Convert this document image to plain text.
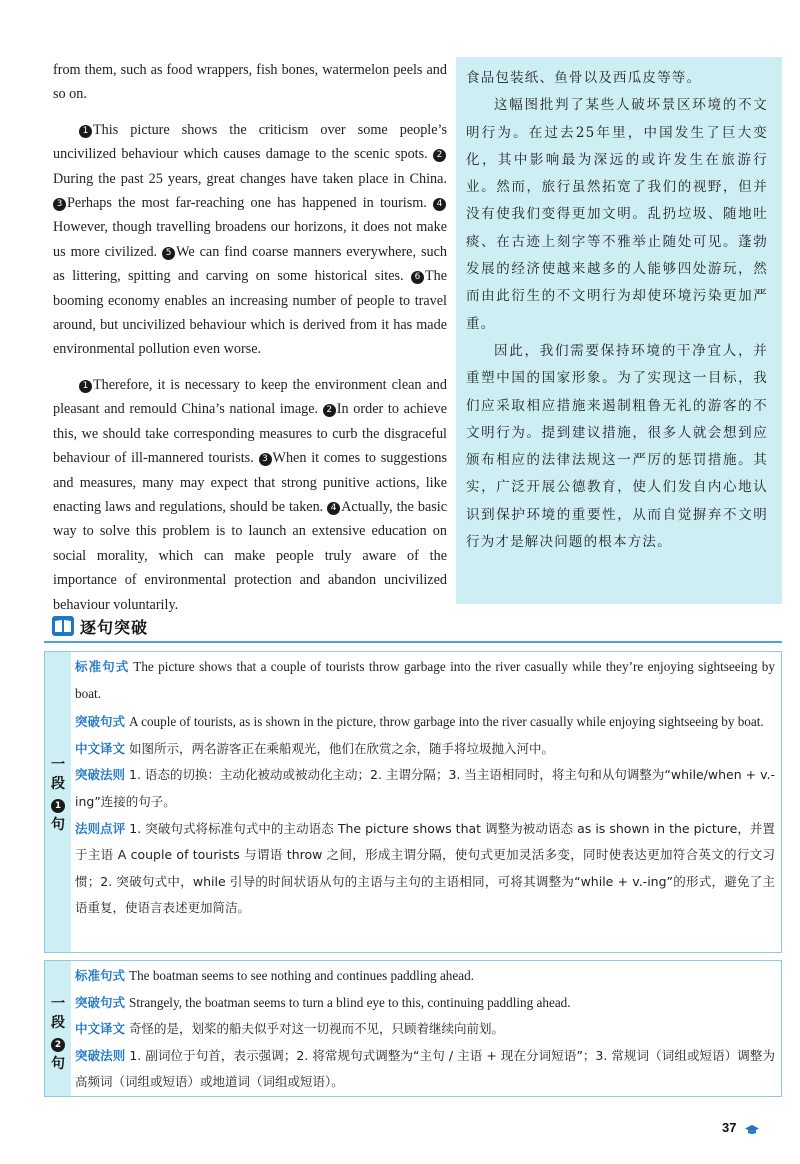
from them, such as food wrappers, fish bones, watermelon peels and so on.

1 This picture shows the criticism over some people’s uncivilized behaviour which causes damage to the scenic spots. 2During the past 25 years, great changes have taken place in China. 3 Perhaps the most far-reaching one has happened in tourism. 4However, though travelling broadens our horizons, it does not make us more civilized. 5 We can find coarse manners everywhere, such as littering, spitting and carving on some historical sites. 6 The booming economy enables an increasing number of people to travel around, but uncivilized behaviour which is derived from it has made environmental pollution even worse.

1 Therefore, it is necessary to keep the environment clean and pleasant and remould China’s national image. 2 In order to achieve this, we should take corresponding measures to curb the disgraceful behaviour of ill-mannered tourists. 3 When it comes to suggestions and measures, many may expect that strong punitive actions, like enacting laws and regulations, should be taken. 4 Actually, the basic way to solve this problem is to launch an extensive education on social morality, which can make people truly aware of the importance of environmental protection and abandon uncivilized behaviour voluntarily.

食品包装纸、鱼骨以及西瓜皮等等。

这幅图批判了某些人破坏景区环境的不文明行为。在过去25年里，中国发生了巨大变化，其中影响最为深远的或许发生在旅游行业。然而，旅行虽然拓宽了我们的视野，但并没有使我们变得更加文明。乱扔垃圾、随地吐痰、在古迹上刻字等不雅举止随处可见。蓬勃发展的经济使越来越多的人能够四处游玩，然而由此衍生的不文明行为却使环境污染更加严重。

因此，我们需要保持环境的干净宜人，并重塑中国的国家形象。为了实现这一目标，我们应采取相应措施来遏制粗鲁无礼的游客的不文明行为。提到建议措施，很多人就会想到应颁布相应的法律法规这一严厉的惩罚措施。其实，广泛开展公德教育，使人们发自内心地认识到保护环境的重要性，从而自觉摒弃不文明行为才是解决问题的根本方法。

逐句突破
一段
1
句
标准句式 The picture shows that a couple of tourists throw garbage into the river casually while they’re enjoying sightseeing by boat.
突破句式 A couple of tourists, as is shown in the picture, throw garbage into the river casually while enjoying sightseeing by boat.
中文译文 如图所示，两名游客正在乘船观光，他们在欣赏之余，随手将垃圾抛入河中。
突破法则 1. 语态的切换：主动化被动或被动化主动；2. 主谓分隔；3. 当主语相同时，将主句和从句调整为“while/when + v.-ing”连接的句子。
法则点评 1. 突破句式将标准句式中的主动语态 The picture shows that 调整为被动语态 as is shown in the picture，并置于主语 A couple of tourists 与谓语 throw 之间，形成主谓分隔，使句式更加灵活多变，同时使表达更加符合英文的行文习惯；2. 突破句式中，while 引导的时间状语从句的主语与主句的主语相同，可将其调整为“while + v.-ing”的形式，避免了主语重复，使语言表述更加简洁。
一段
2
句
标准句式 The boatman seems to see nothing and continues paddling ahead.
突破句式 Strangely, the boatman seems to turn a blind eye to this, continuing paddling ahead.
中文译文 奇怪的是，划桨的船夫似乎对这一切视而不见，只顾着继续向前划。
突破法则 1. 副词位于句首，表示强调；2. 将常规句式调整为“主句 / 主语 + 现在分词短语”；3. 常规词（词组或短语）调整为高频词（词组或短语）或地道词（词组或短语）。
37
